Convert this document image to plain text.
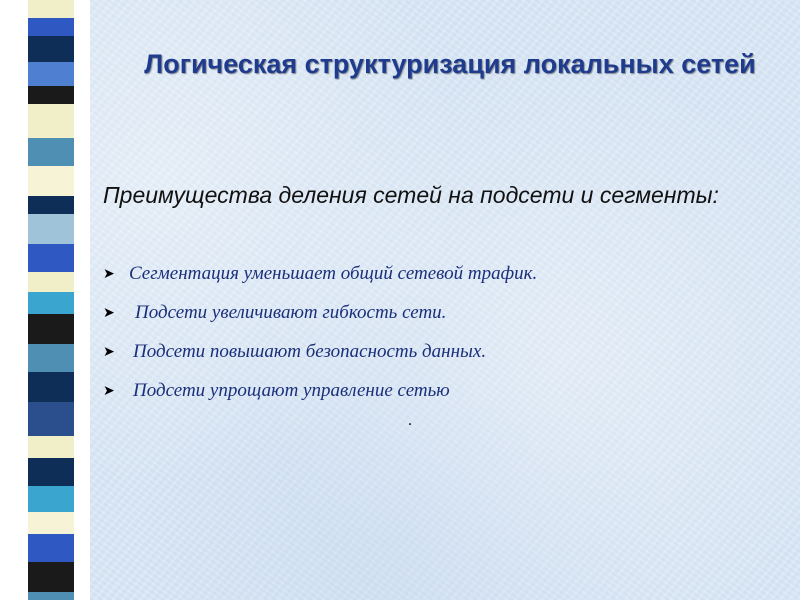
Логическая структуризация локальных сетей
Преимущества деления сетей на подсети и сегменты:
➤ Сегментация уменьшает общий сетевой трафик.
➤	Подсети увеличивают гибкость сети.
➤ Подсети повышают безопасность данных.
➤ Подсети упрощают управление сетью
.
